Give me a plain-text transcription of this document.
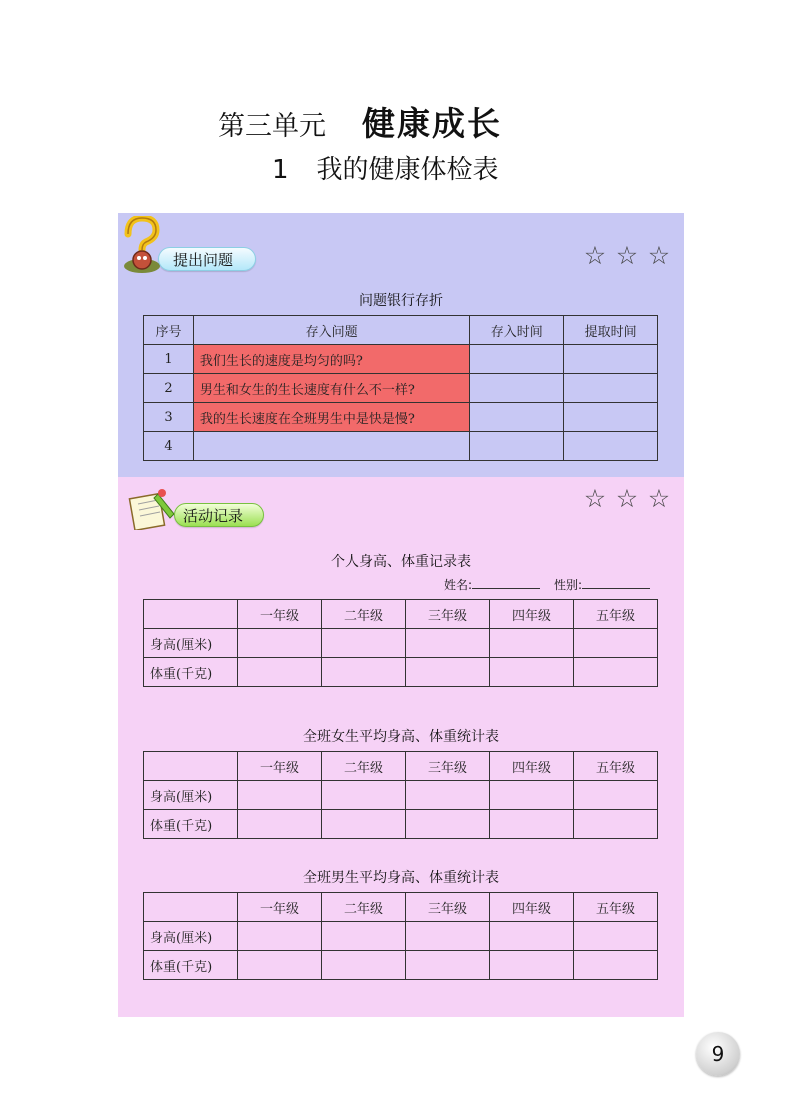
第三单元 健康成长
1 我的健康体检表
提出问题
活动记录
☆ ☆ ☆
☆ ☆ ☆
问题银行存折
序号	存入问题	存入时间	提取时间
1	我们生长的速度是均匀的吗?		
2	男生和女生的生长速度有什么不一样?		
3	我的生长速度在全班男生中是快是慢?		
4			
个人身高、体重记录表
姓名:	性别:
	一年级	二年级	三年级	四年级	五年级
身高(厘米)					
体重(千克)					
全班女生平均身高、体重统计表
	一年级	二年级	三年级	四年级	五年级
身高(厘米)					
体重(千克)					
全班男生平均身高、体重统计表
	一年级	二年级	三年级	四年级	五年级
身高(厘米)					
体重(千克)					
9
